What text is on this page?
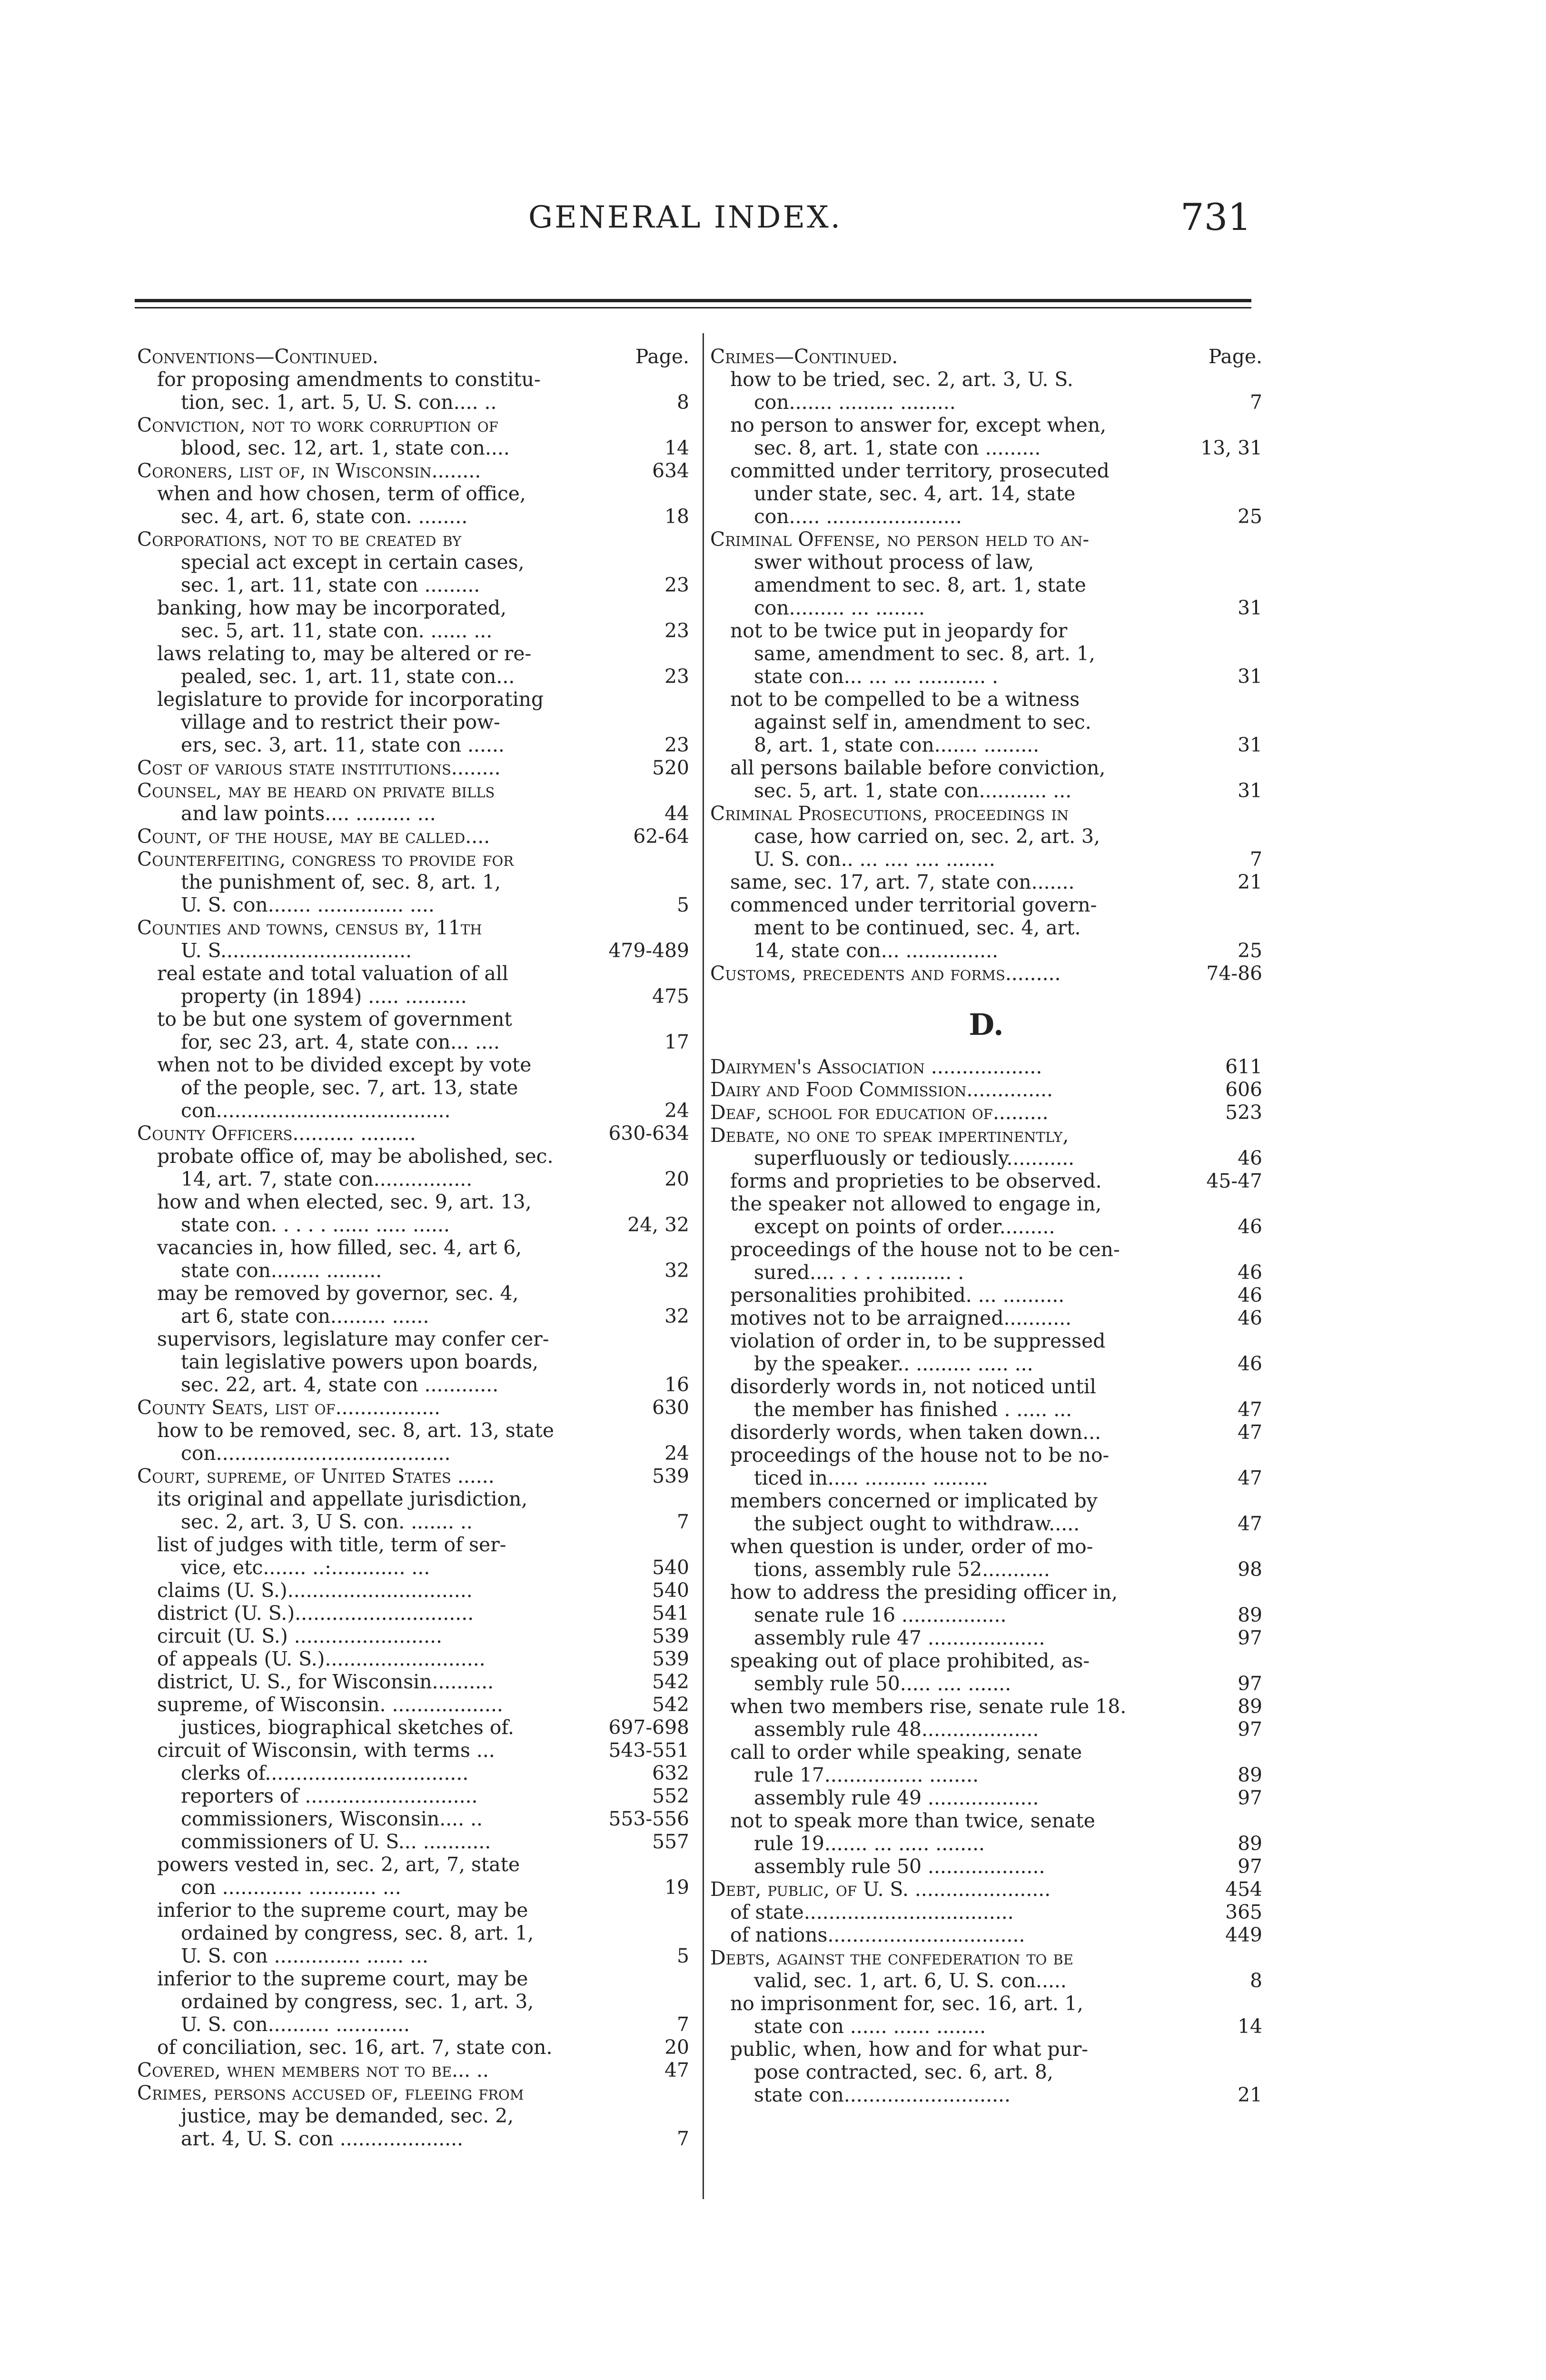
GENERAL INDEX.	731
Conventions—Continued.	Page.
for proposing amendments to constitu-
tion, sec. 1, art. 5, U. S. con.... ..	8
Conviction, not to work corruption of
blood, sec. 12, art. 1, state con....	14
Coroners, list of, in Wisconsin........	634
when and how chosen, term of office,
sec. 4, art. 6, state con. ........	18
Corporations, not to be created by
special act except in certain cases,
sec. 1, art. 11, state con .........	23
banking, how may be incorporated,
sec. 5, art. 11, state con. ...... ...	23
laws relating to, may be altered or re-
pealed, sec. 1, art. 11, state con...	23
legislature to provide for incorporating
village and to restrict their pow-
ers, sec. 3, art. 11, state con ......	23
Cost of various state institutions........	520
Counsel, may be heard on private bills
and law points.... ......... ...	44
Count, of the house, may be called....	62-64
Counterfeiting, congress to provide for
the punishment of, sec. 8, art. 1,
U. S. con....... .............. ....	5
Counties and towns, census by, 11th
U. S...............................	479-489
real estate and total valuation of all
property (in 1894) ..... ..........	475
to be but one system of government
for, sec 23, art. 4, state con... ....	17
when not to be divided except by vote
of the people, sec. 7, art. 13, state
con......................................	24
County Officers.......... .........	630-634
probate office of, may be abolished, sec.
14, art. 7, state con................	20
how and when elected, sec. 9, art. 13,
state con. . . . . ...... ..... ......	24, 32
vacancies in, how filled, sec. 4, art 6,
state con........ .........	32
may be removed by governor, sec. 4,
art 6, state con......... ......	32
supervisors, legislature may confer cer-
tain legislative powers upon boards,
sec. 22, art. 4, state con ............	16
County Seats, list of.................	630
how to be removed, sec. 8, art. 13, state
con......................................	24
Court, supreme, of United States ......	539
its original and appellate jurisdiction,
sec. 2, art. 3, U S. con. ....... ..	7
list of judges with title, term of ser-
vice, etc....... ..:............ ...	540
claims (U. S.)..............................	540
district (U. S.).............................	541
circuit (U. S.) ........................	539
of appeals (U. S.)..........................	539
district, U. S., for Wisconsin..........	542
supreme, of Wisconsin. ..................	542
justices, biographical sketches of.	697-698
circuit of Wisconsin, with terms ...	543-551
clerks of.................................	632
reporters of ............................	552
commissioners, Wisconsin.... ..	553-556
commissioners of U. S... ...........	557
powers vested in, sec. 2, art, 7, state
con ............. ........... ...	19
inferior to the supreme court, may be
ordained by congress, sec. 8, art. 1,
U. S. con .............. ...... ...	5
inferior to the supreme court, may be
ordained by congress, sec. 1, art. 3,
U. S. con.......... ............	7
of conciliation, sec. 16, art. 7, state con.	20
Covered, when members not to be... ..	47
Crimes, persons accused of, fleeing from
justice, may be demanded, sec. 2,
art. 4, U. S. con ....................	7
Crimes—Continued.	Page.
how to be tried, sec. 2, art. 3, U. S.
con....... ......... .........	7
no person to answer for, except when,
sec. 8, art. 1, state con .........	13, 31
committed under territory, prosecuted
under state, sec. 4, art. 14, state
con..... ......................	25
Criminal Offense, no person held to an-
swer without process of law,
amendment to sec. 8, art. 1, state
con......... ... ........	31
not to be twice put in jeopardy for
same, amendment to sec. 8, art. 1,
state con... ... ... ........... .	31
not to be compelled to be a witness
against self in, amendment to sec.
8, art. 1, state con....... .........	31
all persons bailable before conviction,
sec. 5, art. 1, state con........... ...	31
Criminal Prosecutions, proceedings in
case, how carried on, sec. 2, art. 3,
U. S. con.. ... .... .... ........	7
same, sec. 17, art. 7, state con.......	21
commenced under territorial govern-
ment to be continued, sec. 4, art.
14, state con... ...............	25
Customs, precedents and forms.........	74-86
D.
Dairymen's Association ..................	611
Dairy and Food Commission..............	606
Deaf, school for education of.........	523
Debate, no one to speak impertinently,
superfluously or tediously...........	46
forms and proprieties to be observed.	45-47
the speaker not allowed to engage in,
except on points of order.........	46
proceedings of the house not to be cen-
sured.... . . . . .......... .	46
personalities prohibited. ... ..........	46
motives not to be arraigned...........	46
violation of order in, to be suppressed
by the speaker.. ......... ..... ...	46
disorderly words in, not noticed until
the member has finished . ..... ...	47
disorderly words, when taken down...	47
proceedings of the house not to be no-
ticed in..... .......... .........	47
members concerned or implicated by
the subject ought to withdraw.....	47
when question is under, order of mo-
tions, assembly rule 52...........	98
how to address the presiding officer in,
senate rule 16 .................	89
assembly rule 47 ...................	97
speaking out of place prohibited, as-
sembly rule 50..... .... .......	97
when two members rise, senate rule 18.	89
assembly rule 48...................	97
call to order while speaking, senate
rule 17................ ........	89
assembly rule 49 ..................	97
not to speak more than twice, senate
rule 19....... ... ..... ........	89
assembly rule 50 ...................	97
Debt, public, of U. S. ......................	454
of state..................................	365
of nations................................	449
Debts, against the confederation to be
valid, sec. 1, art. 6, U. S. con.....	8
no imprisonment for, sec. 16, art. 1,
state con ...... ...... ........	14
public, when, how and for what pur-
pose contracted, sec. 6, art. 8,
state con...........................	21
